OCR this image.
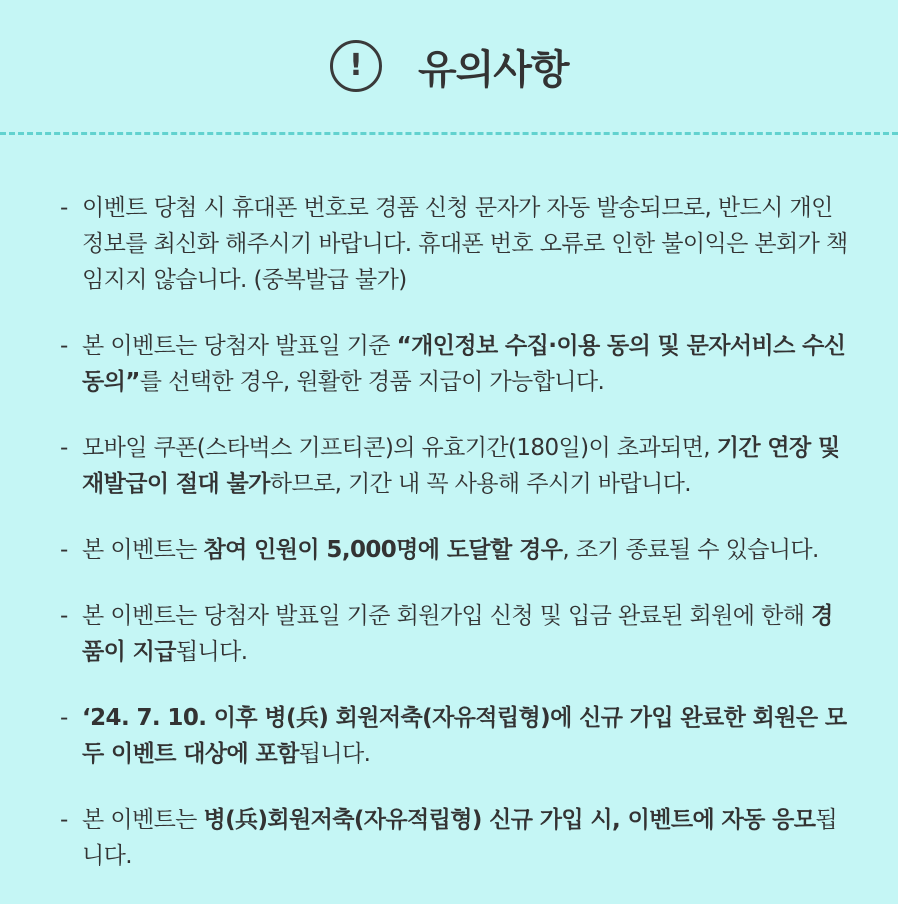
!	유의사항
- 이벤트 당첨 시 휴대폰 번호로 경품 신청 문자가 자동 발송되므로, 반드시 개인정보를 최신화 해주시기 바랍니다. 휴대폰 번호 오류로 인한 불이익은 본회가 책임지지 않습니다. (중복발급 불가)
- 본 이벤트는 당첨자 발표일 기준 “개인정보 수집·이용 동의 및 문자서비스 수신 동의”를 선택한 경우, 원활한 경품 지급이 가능합니다.
- 모바일 쿠폰(스타벅스 기프티콘)의 유효기간(180일)이 초과되면, 기간 연장 및 재발급이 절대 불가하므로, 기간 내 꼭 사용해 주시기 바랍니다.
- 본 이벤트는 참여 인원이 5,000명에 도달할 경우, 조기 종료될 수 있습니다.
- 본 이벤트는 당첨자 발표일 기준 회원가입 신청 및 입금 완료된 회원에 한해 경품이 지급됩니다.
- ‘24. 7. 10. 이후 병(兵) 회원저축(자유적립형)에 신규 가입 완료한 회원은 모두 이벤트 대상에 포함됩니다.
- 본 이벤트는 병(兵)회원저축(자유적립형) 신규 가입 시, 이벤트에 자동 응모됩니다.
